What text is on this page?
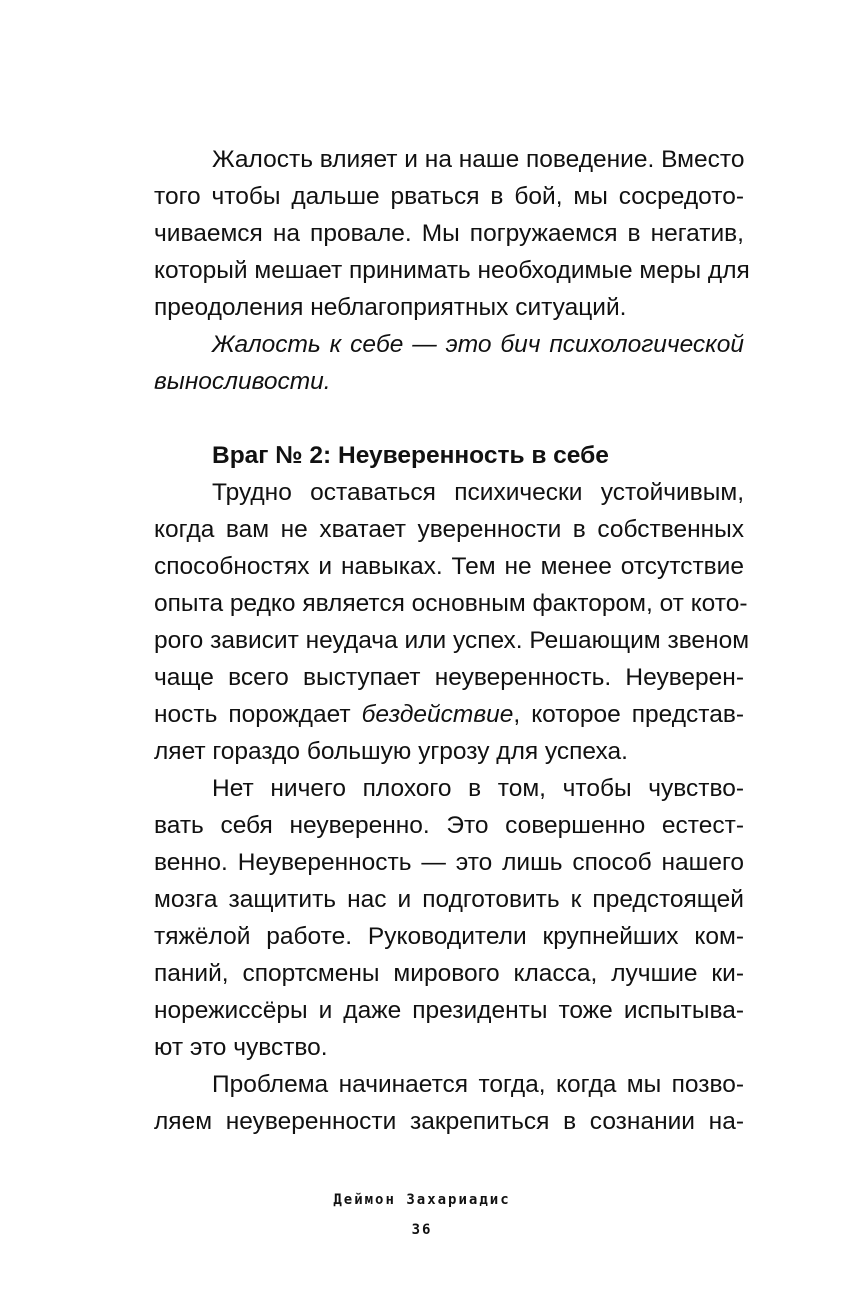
Жалость влияет и на наше поведение. Вместо
того чтобы дальше рваться в бой, мы сосредото-
чиваемся на провале. Мы погружаемся в негатив,
который мешает принимать необходимые меры для
преодоления неблагоприятных ситуаций.
Жалость к себе — это бич психологической
выносливости.
Враг № 2: Неуверенность в себе
Трудно оставаться психически устойчивым,
когда вам не хватает уверенности в собственных
способностях и навыках. Тем не менее отсутствие
опыта редко является основным фактором, от кото-
рого зависит неудача или успех. Решающим звеном
чаще всего выступает неуверенность. Неуверен-
ность порождает бездействие, которое представ-
ляет гораздо большую угрозу для успеха.
Нет ничего плохого в том, чтобы чувство-
вать себя неуверенно. Это совершенно естест-
венно. Неуверенность — это лишь способ нашего
мозга защитить нас и подготовить к предстоящей
тяжёлой работе. Руководители крупнейших ком-
паний, спортсмены мирового класса, лучшие ки-
норежиссёры и даже президенты тоже испытыва-
ют это чувство.
Проблема начинается тогда, когда мы позво-
ляем неуверенности закрепиться в сознании на-
Деймон Захариадис
36
